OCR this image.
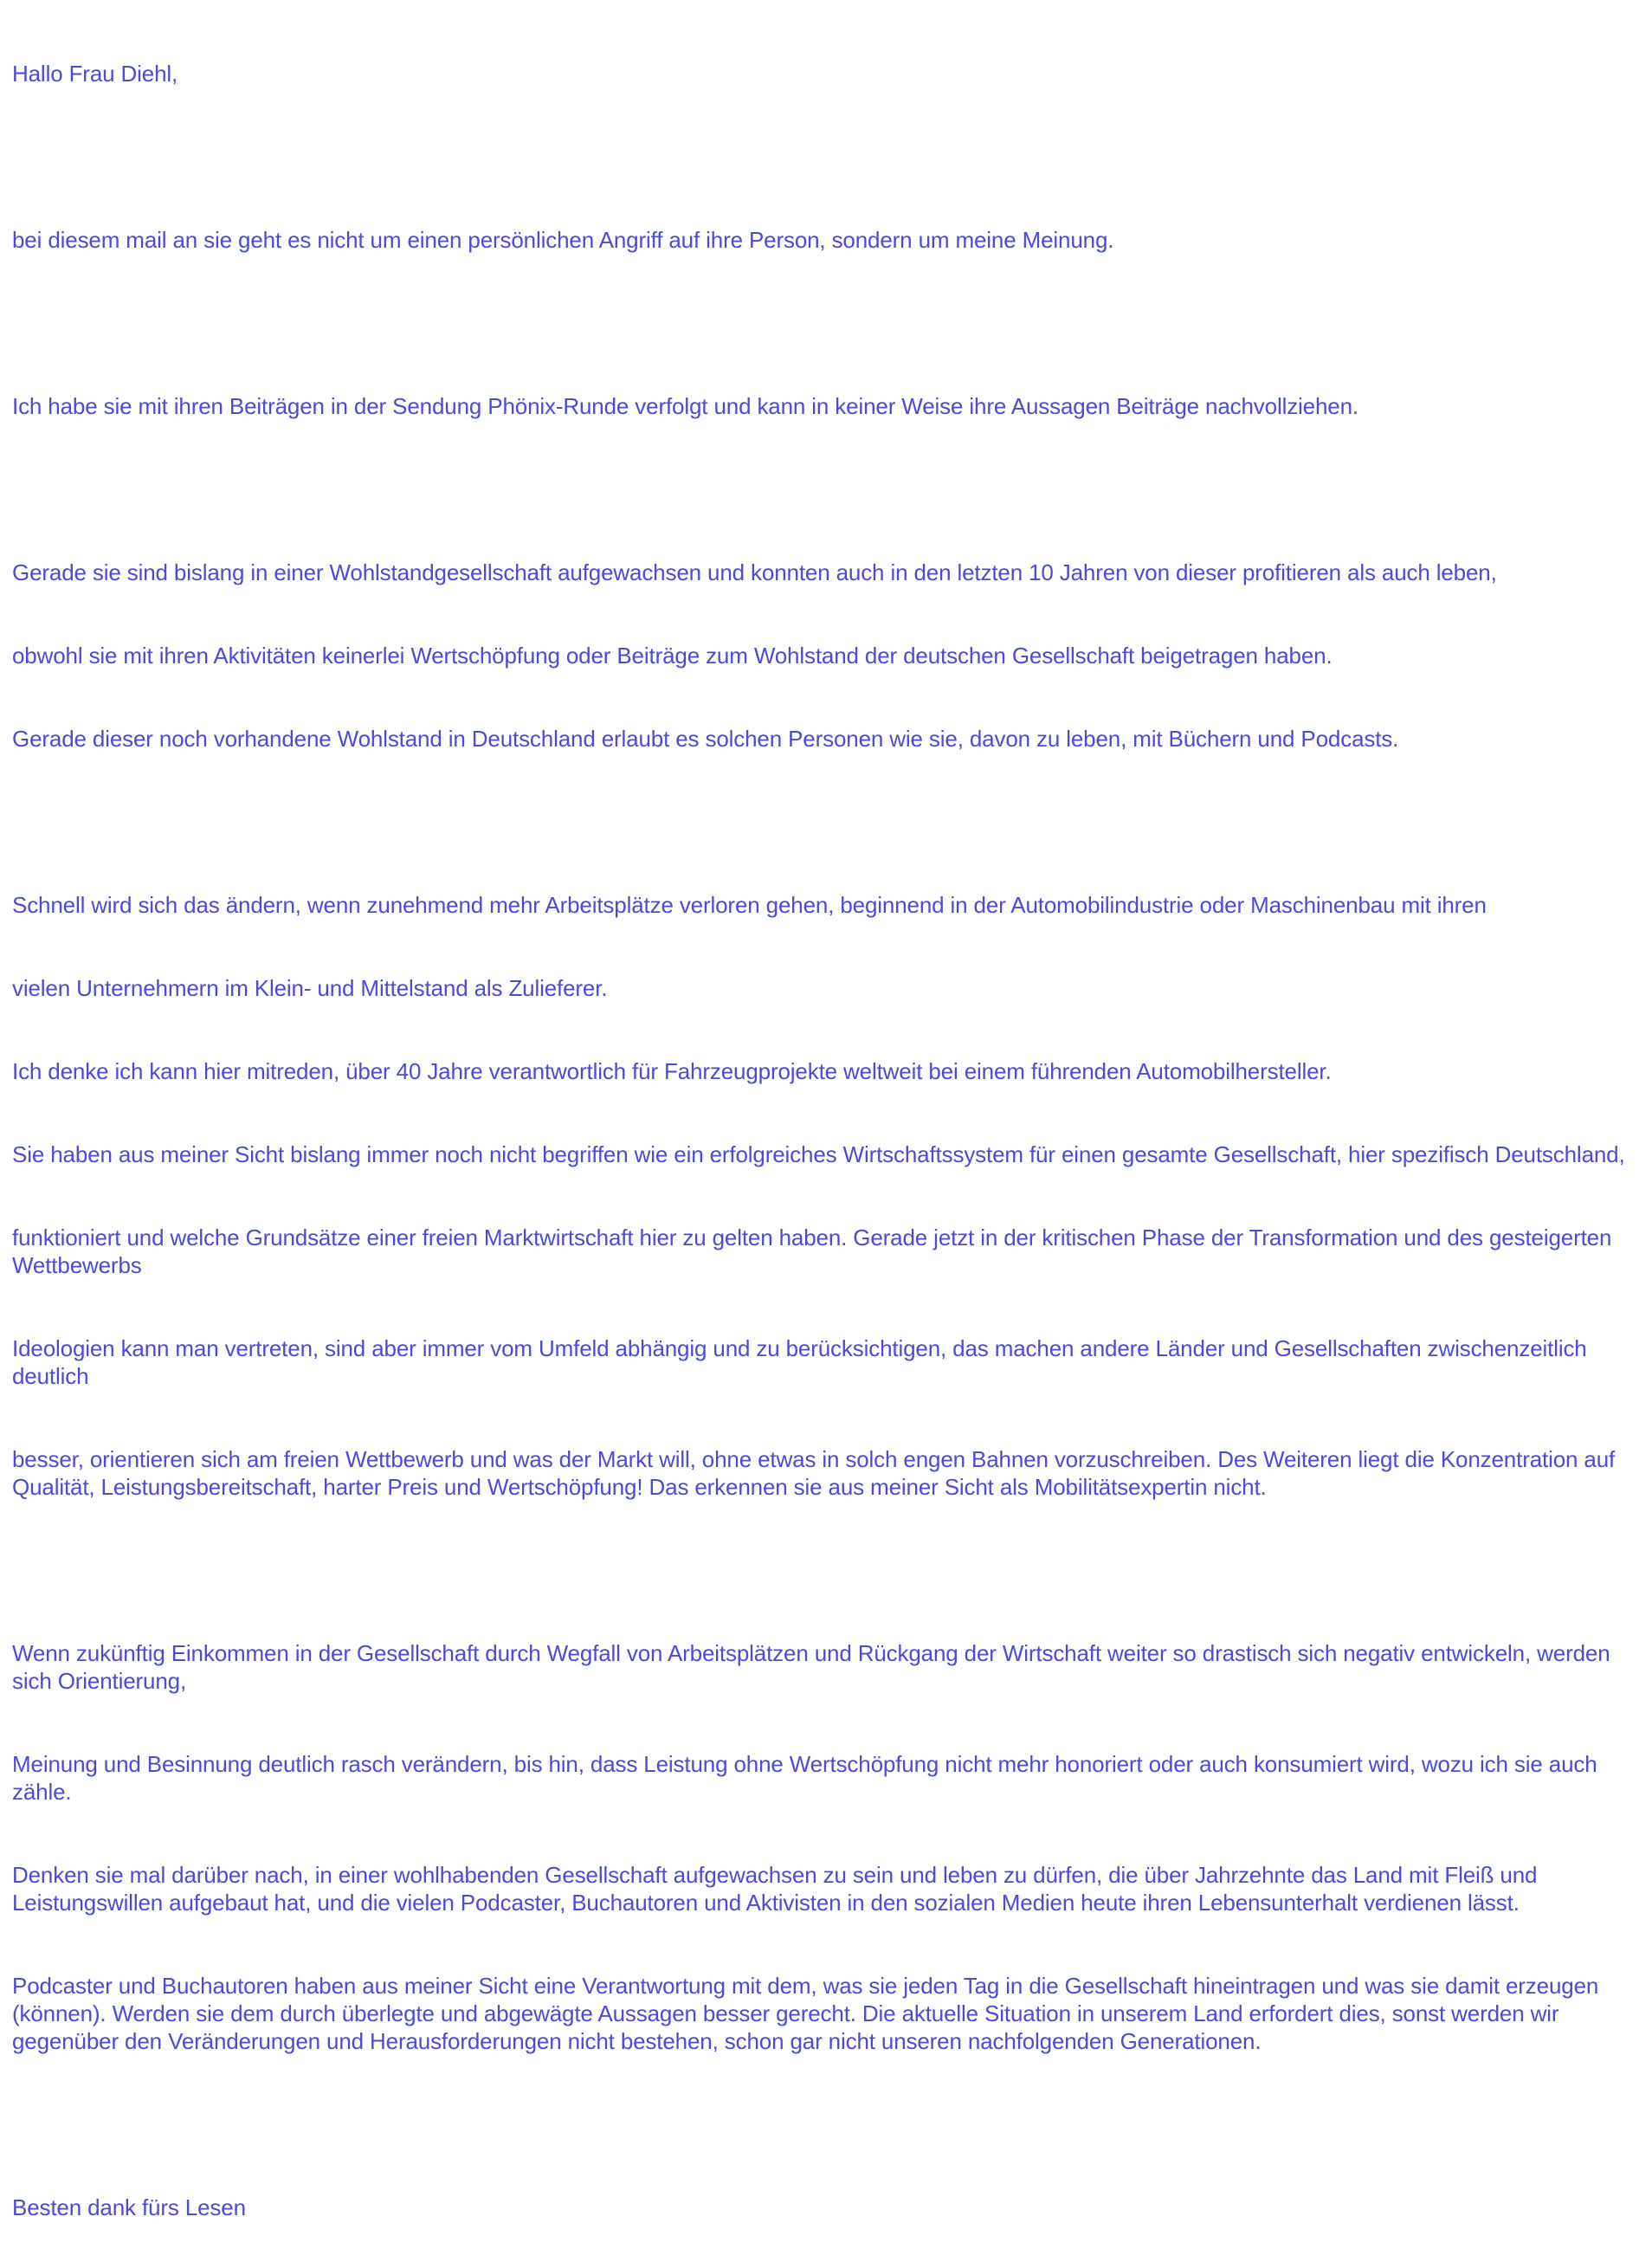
Hallo Frau Diehl,

bei diesem mail an sie geht es nicht um einen persönlichen Angriff auf ihre Person, sondern um meine Meinung.

Ich habe sie mit ihren Beiträgen in der Sendung Phönix-Runde verfolgt und kann in keiner Weise ihre Aussagen Beiträge nachvollziehen.

Gerade sie sind bislang in einer Wohlstandgesellschaft aufgewachsen und konnten auch in den letzten 10 Jahren von dieser profitieren als auch leben,

obwohl sie mit ihren Aktivitäten keinerlei Wertschöpfung oder Beiträge zum Wohlstand der deutschen Gesellschaft beigetragen haben.

Gerade dieser noch vorhandene Wohlstand in Deutschland erlaubt es solchen Personen wie sie, davon zu leben, mit Büchern und Podcasts.

Schnell wird sich das ändern, wenn zunehmend mehr Arbeitsplätze verloren gehen, beginnend in der Automobilindustrie oder Maschinenbau mit ihren

vielen Unternehmern im Klein- und Mittelstand als Zulieferer.

Ich denke ich kann hier mitreden, über 40 Jahre verantwortlich für Fahrzeugprojekte weltweit bei einem führenden Automobilhersteller.

Sie haben aus meiner Sicht bislang immer noch nicht begriffen wie ein erfolgreiches Wirtschaftssystem für einen gesamte Gesellschaft, hier spezifisch Deutschland,

funktioniert und welche Grundsätze einer freien Marktwirtschaft hier zu gelten haben. Gerade jetzt in der kritischen Phase der Transformation und des gesteigerten Wettbewerbs

Ideologien kann man vertreten, sind aber immer vom Umfeld abhängig und zu berücksichtigen, das machen andere Länder und Gesellschaften zwischenzeitlich deutlich

besser, orientieren sich am freien Wettbewerb und was der Markt will, ohne etwas in solch engen Bahnen vorzuschreiben. Des Weiteren liegt die Konzentration auf Qualität, Leistungsbereitschaft, harter Preis und Wertschöpfung! Das erkennen sie aus meiner Sicht als Mobilitätsexpertin nicht.

Wenn zukünftig Einkommen in der Gesellschaft durch Wegfall von Arbeitsplätzen und Rückgang der Wirtschaft weiter so drastisch sich negativ entwickeln, werden sich Orientierung,

Meinung und Besinnung deutlich rasch verändern, bis hin, dass Leistung ohne Wertschöpfung nicht mehr honoriert oder auch konsumiert wird, wozu ich sie auch zähle.

Denken sie mal darüber nach, in einer wohlhabenden Gesellschaft aufgewachsen zu sein und leben zu dürfen, die über Jahrzehnte das Land mit Fleiß und Leistungswillen aufgebaut hat, und die vielen Podcaster, Buchautoren und Aktivisten in den sozialen Medien heute ihren Lebensunterhalt verdienen lässt.

Podcaster und Buchautoren haben aus meiner Sicht eine Verantwortung mit dem, was sie jeden Tag in die Gesellschaft hineintragen und was sie damit erzeugen (können). Werden sie dem durch überlegte und abgewägte Aussagen besser gerecht. Die aktuelle Situation in unserem Land erfordert dies, sonst werden wir gegenüber den Veränderungen und Herausforderungen nicht bestehen, schon gar nicht unseren nachfolgenden Generationen.

Besten dank fürs Lesen
